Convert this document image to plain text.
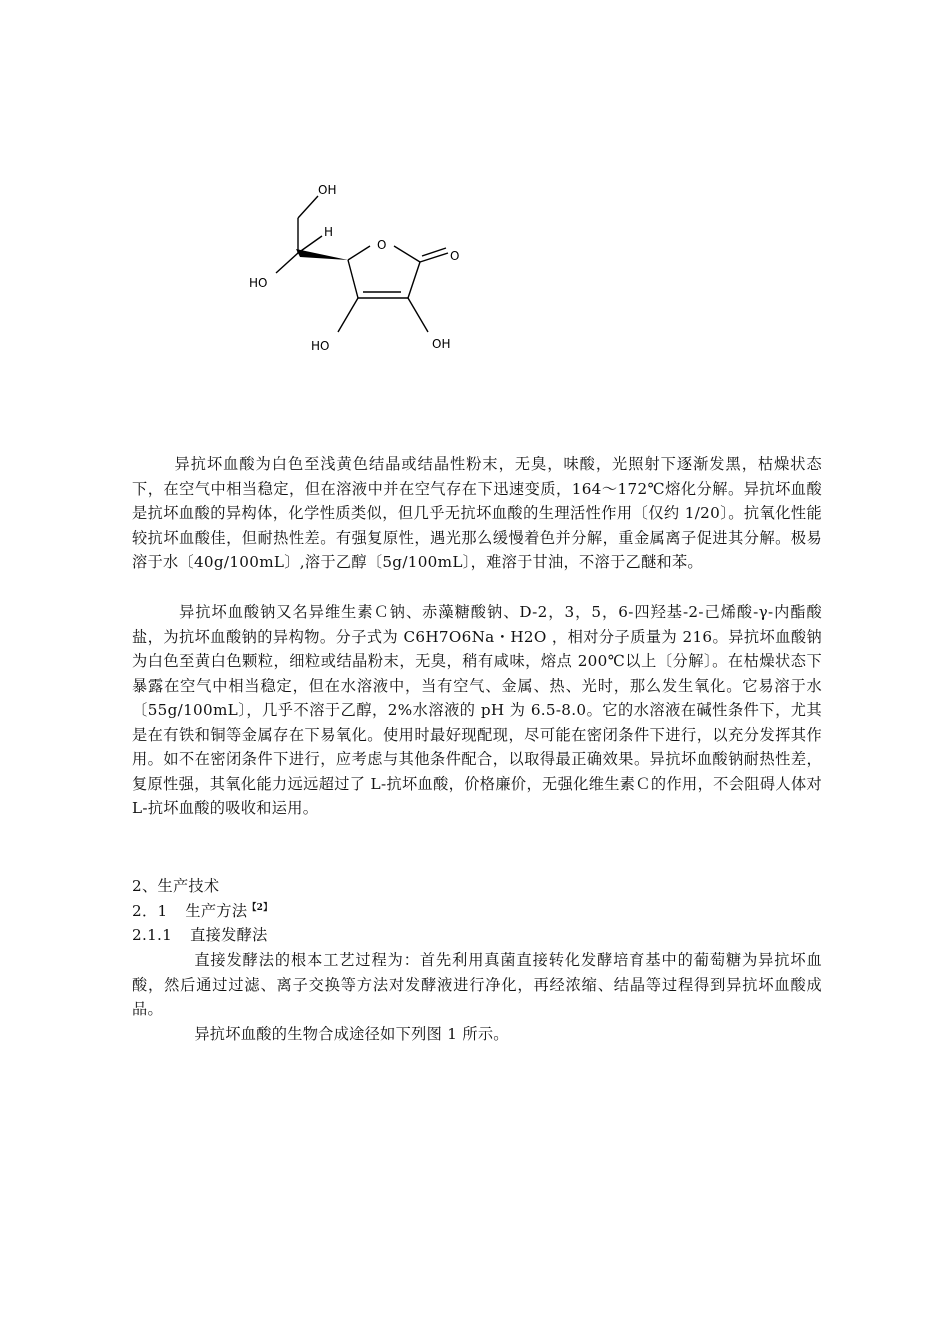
OH
H
O
O
HO
HO	OH

异抗坏血酸为白色至浅黄色结晶或结晶性粉末，无臭，味酸，光照射下逐渐发黑，枯燥状态下，在空气中相当稳定，但在溶液中并在空气存在下迅速变质，164～172℃熔化分解。异抗坏血酸是抗坏血酸的异构体，化学性质类似，但几乎无抗坏血酸的生理活性作用〔仅约 1/20〕。抗氧化性能较抗坏血酸佳，但耐热性差。有强复原性，遇光那么缓慢着色并分解，重金属离子促进其分解。极易溶于水〔40g/100mL〕,溶于乙醇〔5g/100mL〕，难溶于甘油，不溶于乙醚和苯。

异抗坏血酸钠又名异维生素Ｃ钠、赤藻糖酸钠、D-2，3，5，6-四羟基-2-己烯酸-γ-内酯酸盐，为抗坏血酸钠的异构物。分子式为 C6H7O6Na・H2O ，相对分子质量为 216。异抗坏血酸钠为白色至黄白色颗粒，细粒或结晶粉末，无臭，稍有咸味，熔点 200℃以上〔分解〕。在枯燥状态下暴露在空气中相当稳定，但在水溶液中，当有空气、金属、热、光时，那么发生氧化。它易溶于水〔55g/100mL〕，几乎不溶于乙醇，2%水溶液的 pH 为 6.5-8.0。它的水溶液在碱性条件下，尤其是在有铁和铜等金属存在下易氧化。使用时最好现配现，尽可能在密闭条件下进行，以充分发挥其作用。如不在密闭条件下进行，应考虑与其他条件配合，以取得最正确效果。异抗坏血酸钠耐热性差，复原性强，其氧化能力远远超过了 L-抗坏血酸，价格廉价，无强化维生素Ｃ的作用，不会阻碍人体对 L-抗坏血酸的吸收和运用。

2、生产技术
2．1 生产方法$^{【2】}$
2.1.1 直接发酵法

直接发酵法的根本工艺过程为：首先利用真菌直接转化发酵培育基中的葡萄糖为异抗坏血酸，然后通过过滤、离子交换等方法对发酵液进行净化，再经浓缩、结晶等过程得到异抗坏血酸成品。

异抗坏血酸的生物合成途径如下列图 1 所示。
